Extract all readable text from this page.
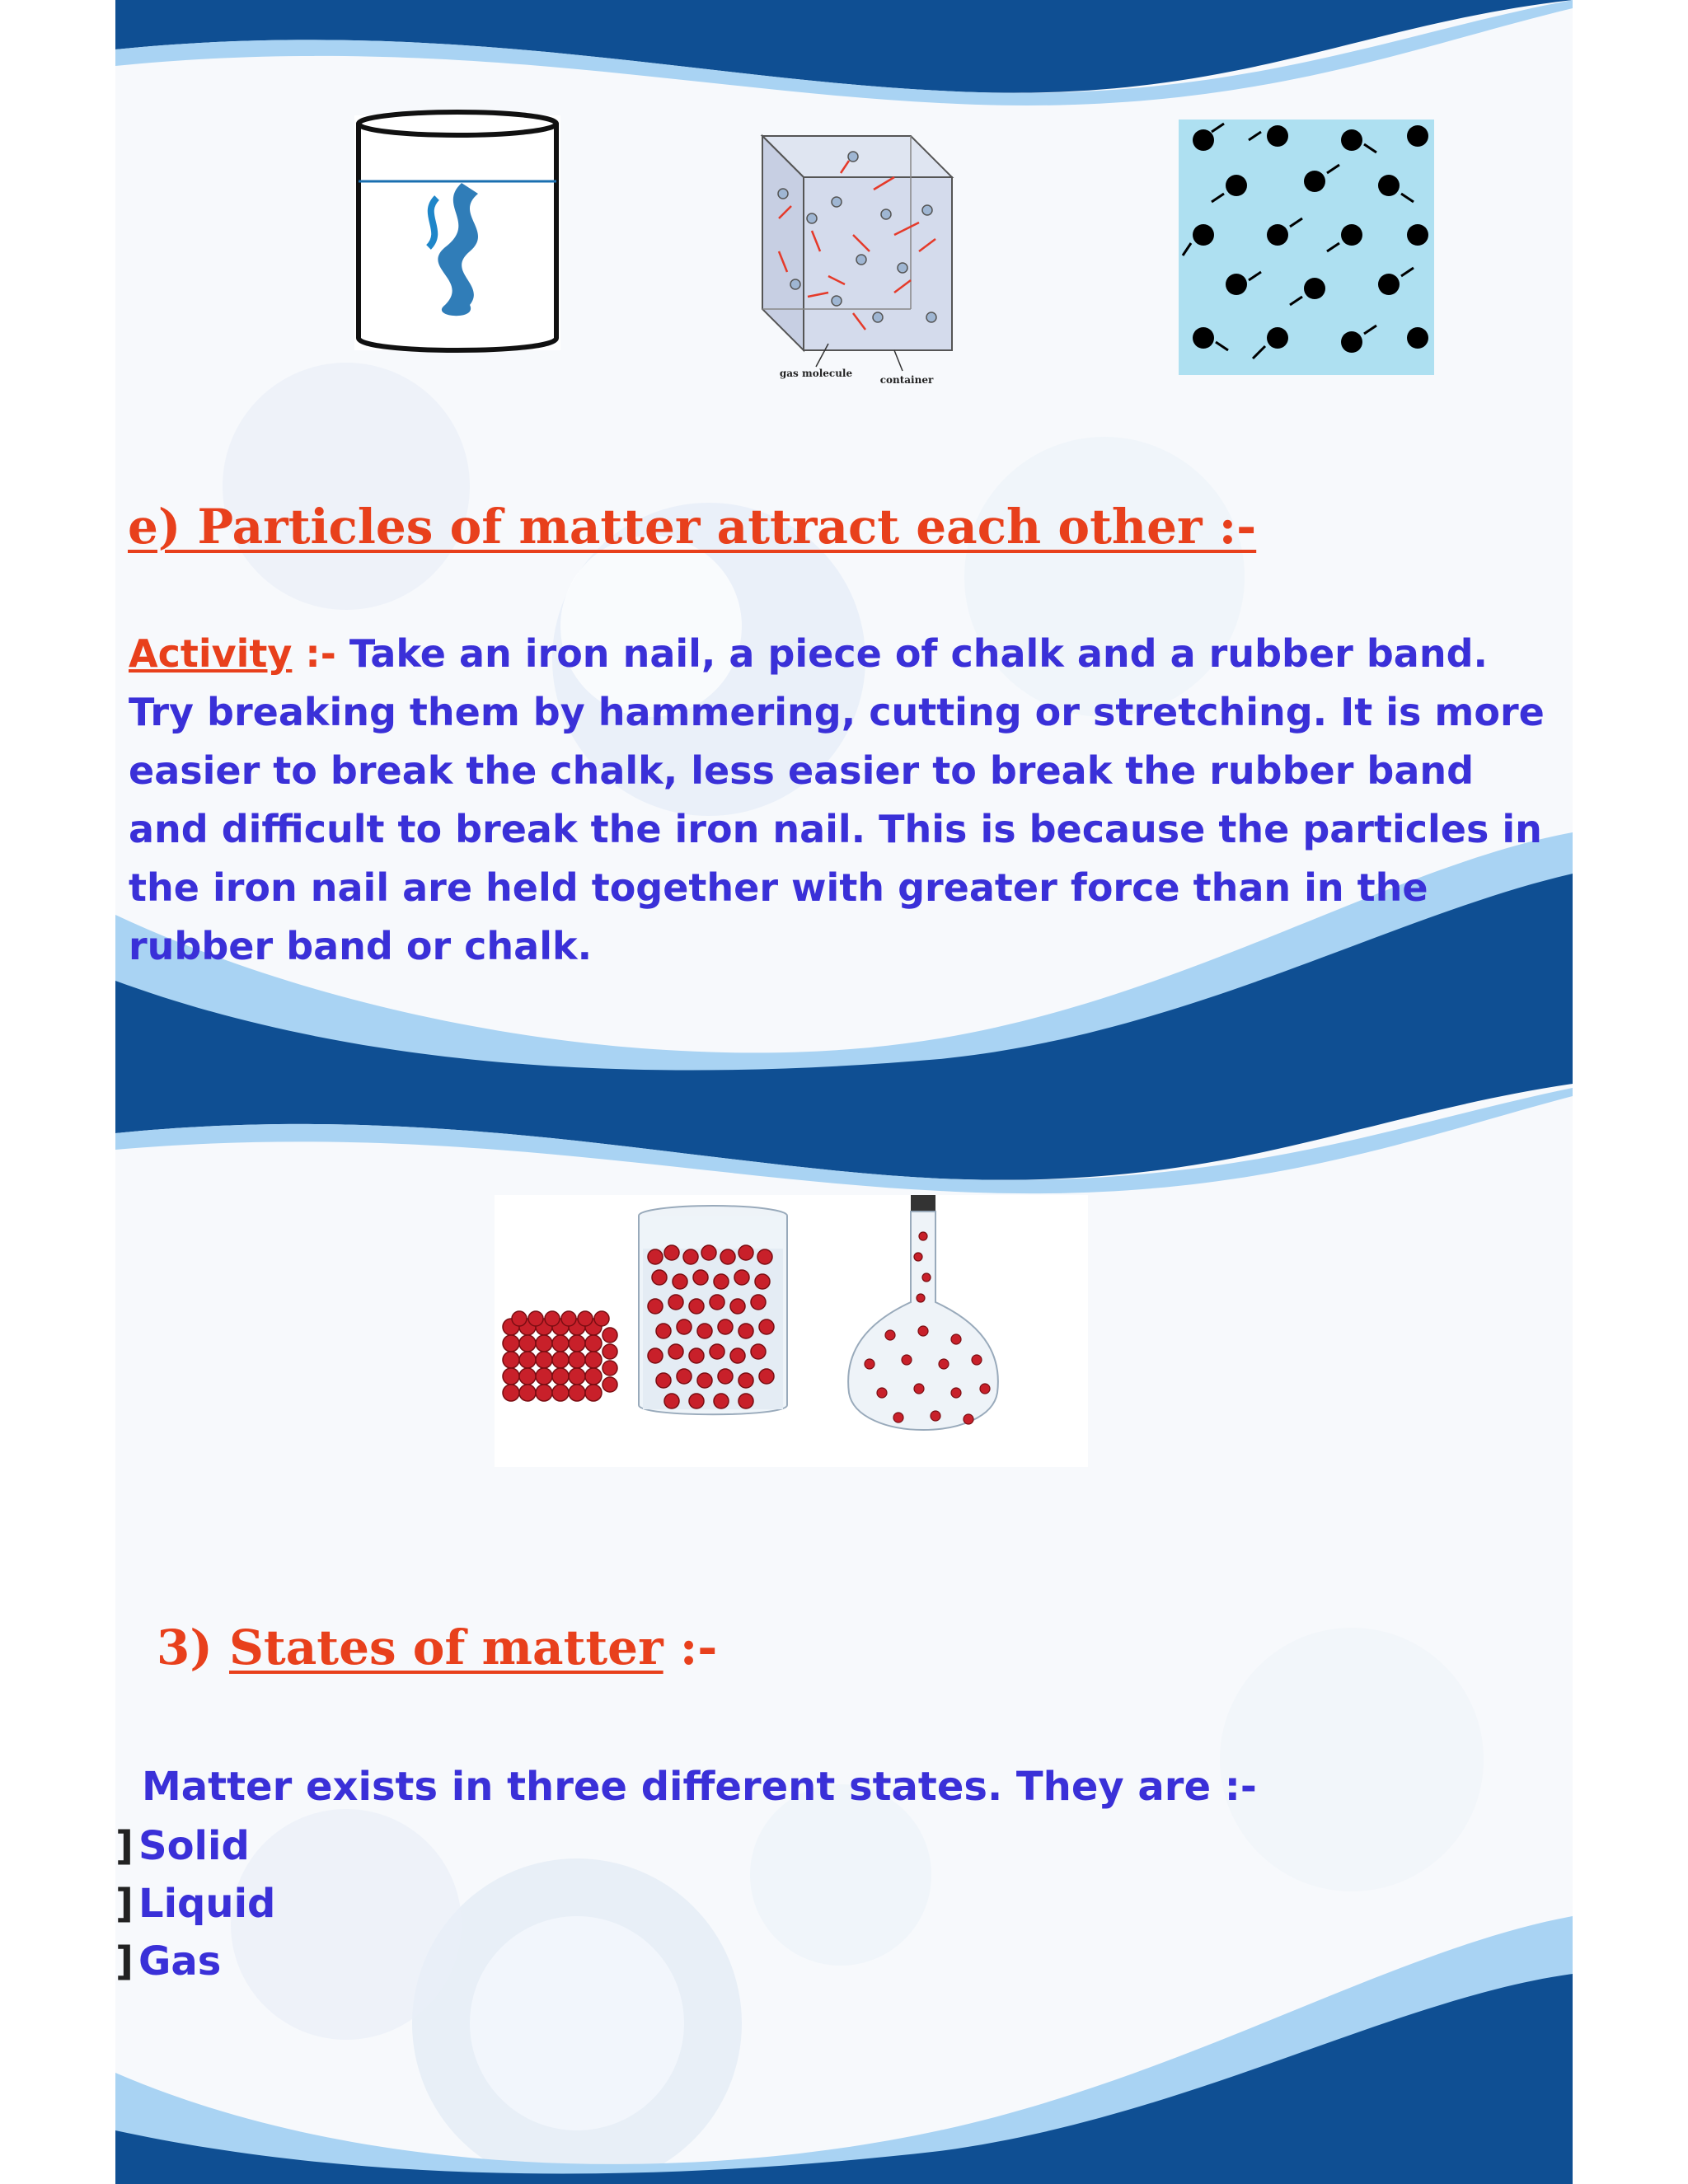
gas molecule
container
e) Particles of matter attract each other :-

Activity :- Take an iron nail, a piece of chalk and a rubber band. Try breaking them by hammering, cutting or stretching. It is more easier to break the chalk, less easier to break the rubber band and difficult to break the iron nail. This is because the particles in the iron nail are held together with greater force than in the rubber band or chalk.

3) States of matter :-

Matter exists in three different states. They are :-

] Solid
] Liquid
] Gas
